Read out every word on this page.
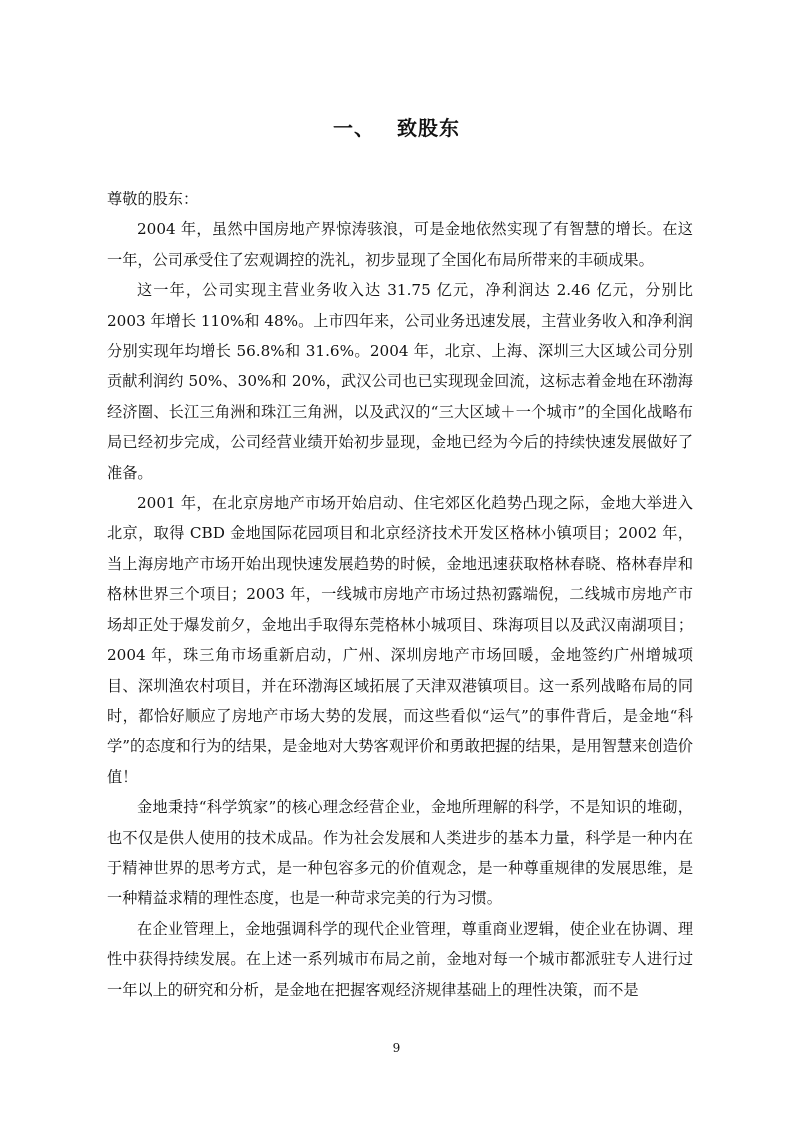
一、 致股东

尊敬的股东：

2004 年，虽然中国房地产界惊涛骇浪，可是金地依然实现了有智慧的增长。在这一年，公司承受住了宏观调控的洗礼，初步显现了全国化布局所带来的丰硕成果。

这一年，公司实现主营业务收入达 31.75 亿元，净利润达 2.46 亿元，分别比 2003 年增长 110%和 48%。上市四年来，公司业务迅速发展，主营业务收入和净利润分别实现年均增长 56.8%和 31.6%。2004 年，北京、上海、深圳三大区域公司分别贡献利润约 50%、30%和 20%，武汉公司也已实现现金回流，这标志着金地在环渤海经济圈、长江三角洲和珠江三角洲，以及武汉的“三大区域＋一个城市”的全国化战略布局已经初步完成，公司经营业绩开始初步显现，金地已经为今后的持续快速发展做好了准备。

2001 年，在北京房地产市场开始启动、住宅郊区化趋势凸现之际，金地大举进入北京，取得 CBD 金地国际花园项目和北京经济技术开发区格林小镇项目；2002 年，当上海房地产市场开始出现快速发展趋势的时候，金地迅速获取格林春晓、格林春岸和格林世界三个项目；2003 年，一线城市房地产市场过热初露端倪，二线城市房地产市场却正处于爆发前夕，金地出手取得东莞格林小城项目、珠海项目以及武汉南湖项目；2004 年，珠三角市场重新启动，广州、深圳房地产市场回暖，金地签约广州增城项目、深圳渔农村项目，并在环渤海区域拓展了天津双港镇项目。这一系列战略布局的同时，都恰好顺应了房地产市场大势的发展，而这些看似“运气”的事件背后，是金地“科学”的态度和行为的结果，是金地对大势客观评价和勇敢把握的结果，是用智慧来创造价值！

金地秉持“科学筑家”的核心理念经营企业，金地所理解的科学，不是知识的堆砌，也不仅是供人使用的技术成品。作为社会发展和人类进步的基本力量，科学是一种内在于精神世界的思考方式，是一种包容多元的价值观念，是一种尊重规律的发展思维，是一种精益求精的理性态度，也是一种苛求完美的行为习惯。

在企业管理上，金地强调科学的现代企业管理，尊重商业逻辑，使企业在协调、理性中获得持续发展。在上述一系列城市布局之前，金地对每一个城市都派驻专人进行过一年以上的研究和分析，是金地在把握客观经济规律基础上的理性决策，而不是

9
